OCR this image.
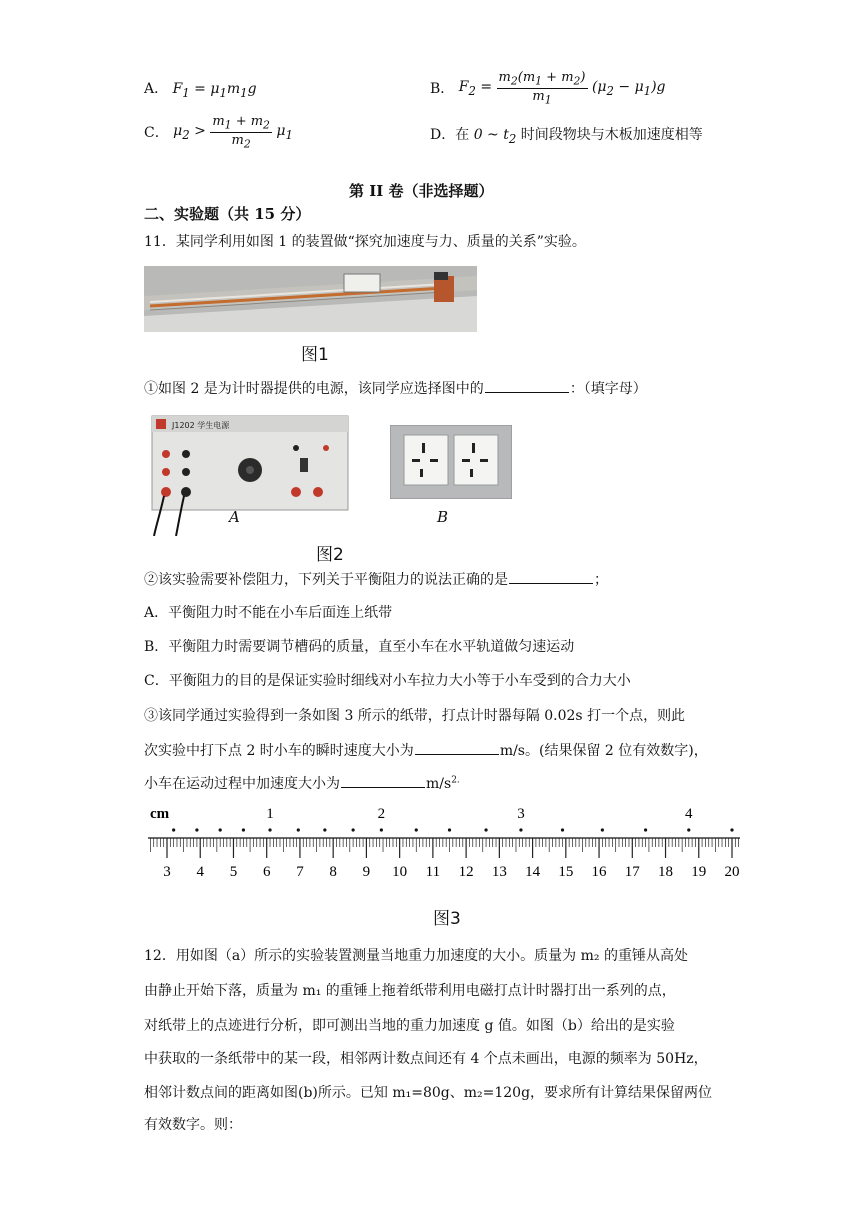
A． $F_1 = \mu_1m_1g$	B． $F_2 = \frac{m_2(m_1 + m_2)}{m_1} (\mu_2 - \mu_1)g$
C． $\mu_2 > \frac{m_1 + m_2}{m_2} \mu_1$	D．在 0 ~ $t_2$ 时间段物块与木板加速度相等
第 II 卷（非选择题）
二、实验题（共 15 分）
11．某同学利用如图 1 的装置做“探究加速度与力、质量的关系”实验。
图1
①如图 2 是为计时器提供的电源，该同学应选择图中的	：（填字母）
J1202 学生电源
A	B
图2
②该实验需要补偿阻力，下列关于平衡阻力的说法正确的是	；
A．平衡阻力时不能在小车后面连上纸带
B．平衡阻力时需要调节槽码的质量，直至小车在水平轨道做匀速运动
C．平衡阻力的目的是保证实验时细线对小车拉力大小等于小车受到的合力大小
③该同学通过实验得到一条如图 3 所示的纸带，打点计时器每隔 0.02s 打一个点，则此
次实验中打下点 2 时小车的瞬时速度大小为	m/s。(结果保留 2 位有效数字)，
小车在运动过程中加速度大小为	$m/s^{2.}$
cm	1	2	3	4
3 4 5 6 7 8 9 10 11 12 13 14 15 16 17 18 19 20
图3
12．用如图（a）所示的实验装置测量当地重力加速度的大小。质量为 m₂ 的重锤从高处
由静止开始下落，质量为 m₁ 的重锤上拖着纸带利用电磁打点计时器打出一系列的点，
对纸带上的点迹进行分析，即可测出当地的重力加速度 g 值。如图（b）给出的是实验
中获取的一条纸带中的某一段，相邻两计数点间还有 4 个点未画出，电源的频率为 50Hz，
相邻计数点间的距离如图(b)所示。已知 m₁=80g、m₂=120g，要求所有计算结果保留两位
有效数字。则：
